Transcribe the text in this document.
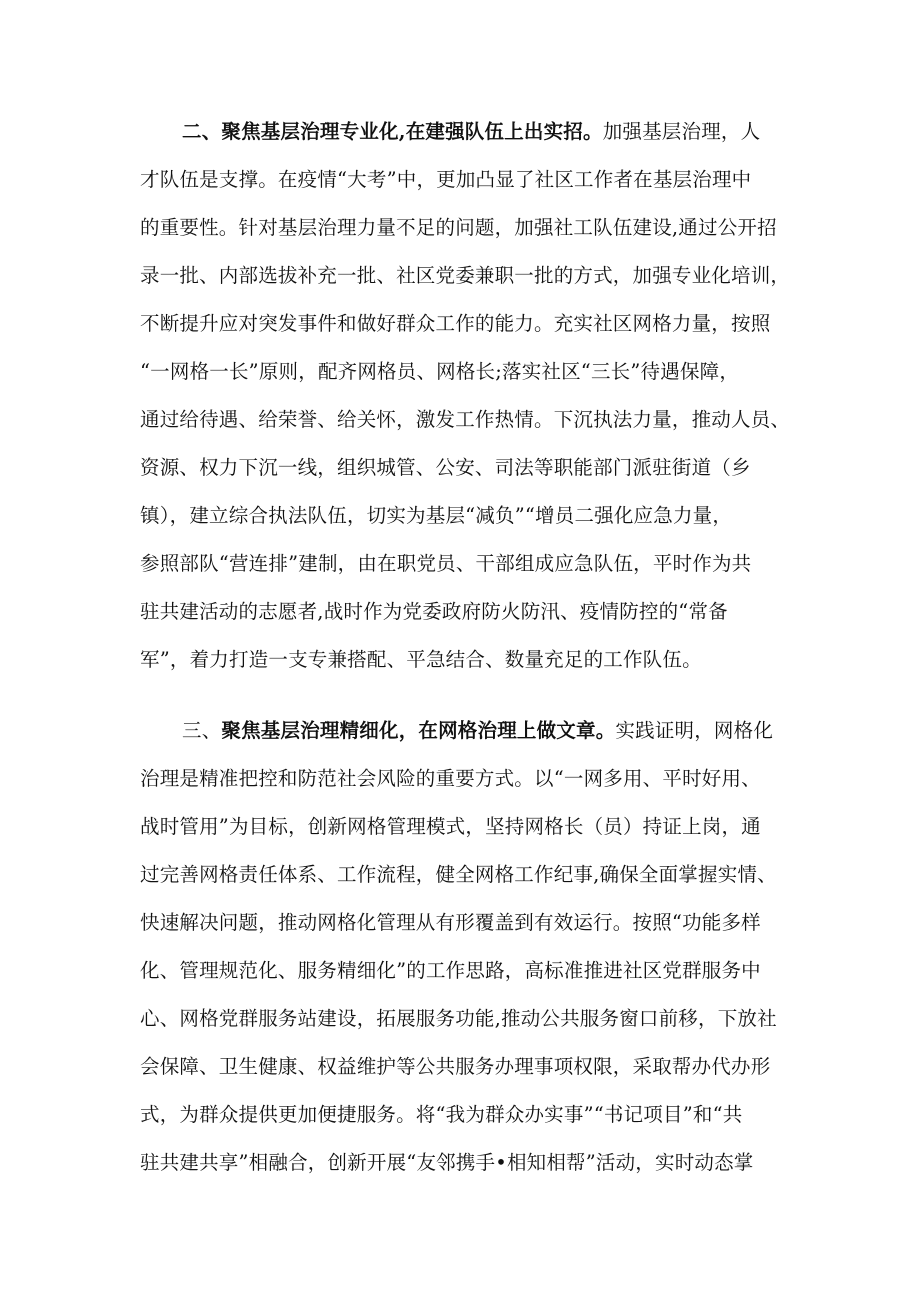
二、聚焦基层治理专业化,在建强队伍上出实招。加强基层治理，人
才队伍是支撑。在疫情“大考”中，更加凸显了社区工作者在基层治理中
的重要性。针对基层治理力量不足的问题，加强社工队伍建设,通过公开招
录一批、内部选拔补充一批、社区党委兼职一批的方式，加强专业化培训，
不断提升应对突发事件和做好群众工作的能力。充实社区网格力量，按照
“一网格一长”原则，配齐网格员、网格长;落实社区“三长”待遇保障，
通过给待遇、给荣誉、给关怀，激发工作热情。下沉执法力量，推动人员、
资源、权力下沉一线，组织城管、公安、司法等职能部门派驻街道（乡
镇），建立综合执法队伍，切实为基层“减负”“增员二强化应急力量，
参照部队“营连排”建制，由在职党员、干部组成应急队伍，平时作为共
驻共建活动的志愿者,战时作为党委政府防火防汛、疫情防控的“常备
军”，着力打造一支专兼搭配、平急结合、数量充足的工作队伍。
三、聚焦基层治理精细化，在网格治理上做文章。实践证明，网格化
治理是精准把控和防范社会风险的重要方式。以“一网多用、平时好用、
战时管用”为目标，创新网格管理模式，坚持网格长（员）持证上岗，通
过完善网格责任体系、工作流程，健全网格工作纪事,确保全面掌握实情、
快速解决问题，推动网格化管理从有形覆盖到有效运行。按照“功能多样
化、管理规范化、服务精细化”的工作思路，高标准推进社区党群服务中
心、网格党群服务站建设，拓展服务功能,推动公共服务窗口前移，下放社
会保障、卫生健康、权益维护等公共服务办理事项权限，采取帮办代办形
式，为群众提供更加便捷服务。将“我为群众办实事”“书记项目”和“共
驻共建共享”相融合，创新开展“友邻携手•相知相帮”活动，实时动态掌
